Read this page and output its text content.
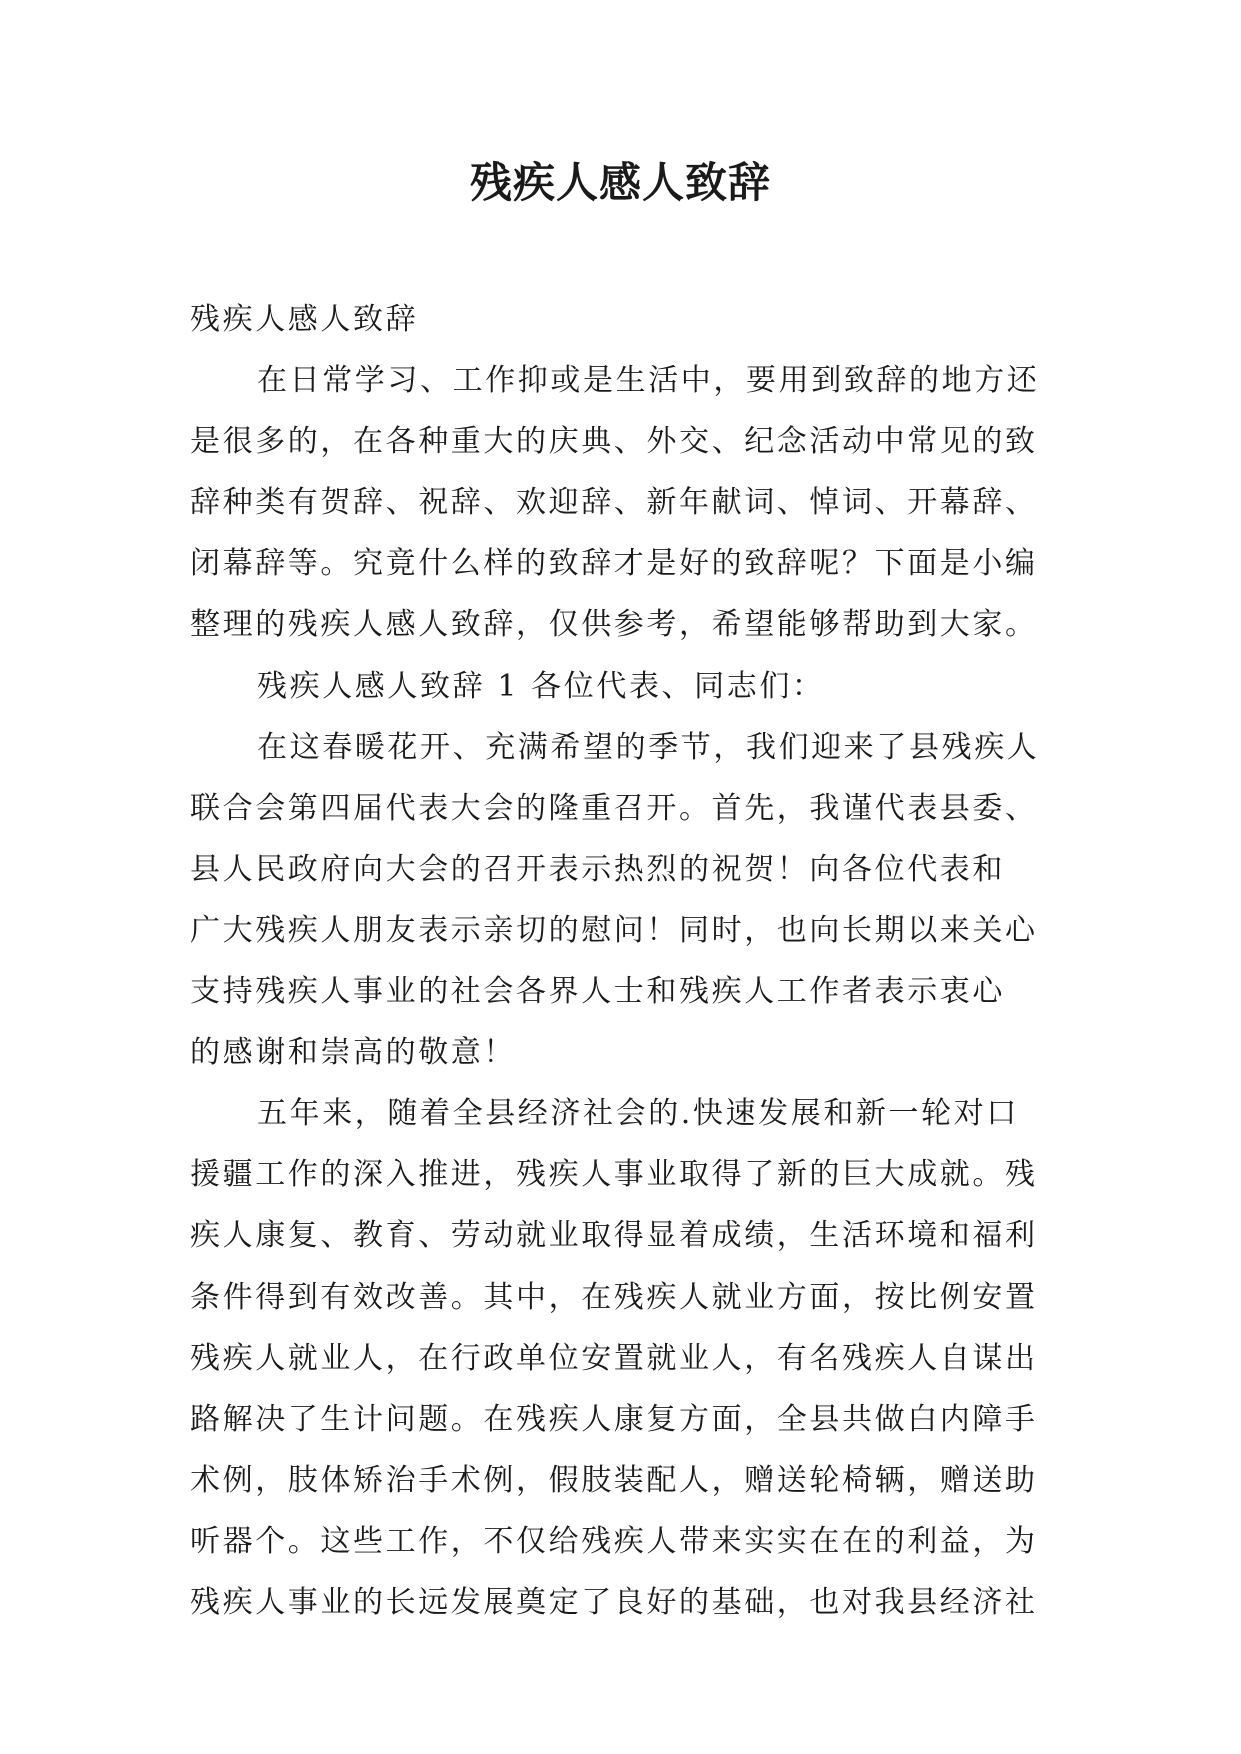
残疾人感人致辞
残疾人感人致辞
在日常学习、工作抑或是生活中，要用到致辞的地方还
是很多的，在各种重大的庆典、外交、纪念活动中常见的致
辞种类有贺辞、祝辞、欢迎辞、新年献词、悼词、开幕辞、
闭幕辞等。究竟什么样的致辞才是好的致辞呢？下面是小编
整理的残疾人感人致辞，仅供参考，希望能够帮助到大家。
残疾人感人致辞 1 各位代表、同志们：
在这春暖花开、充满希望的季节，我们迎来了县残疾人
联合会第四届代表大会的隆重召开。首先，我谨代表县委、
县人民政府向大会的召开表示热烈的祝贺！向各位代表和
广大残疾人朋友表示亲切的慰问！同时，也向长期以来关心
支持残疾人事业的社会各界人士和残疾人工作者表示衷心
的感谢和崇高的敬意！
五年来，随着全县经济社会的.快速发展和新一轮对口
援疆工作的深入推进，残疾人事业取得了新的巨大成就。残
疾人康复、教育、劳动就业取得显着成绩，生活环境和福利
条件得到有效改善。其中，在残疾人就业方面，按比例安置
残疾人就业人，在行政单位安置就业人，有名残疾人自谋出
路解决了生计问题。在残疾人康复方面，全县共做白内障手
术例，肢体矫治手术例，假肢装配人，赠送轮椅辆，赠送助
听器个。这些工作，不仅给残疾人带来实实在在的利益，为
残疾人事业的长远发展奠定了良好的基础，也对我县经济社
